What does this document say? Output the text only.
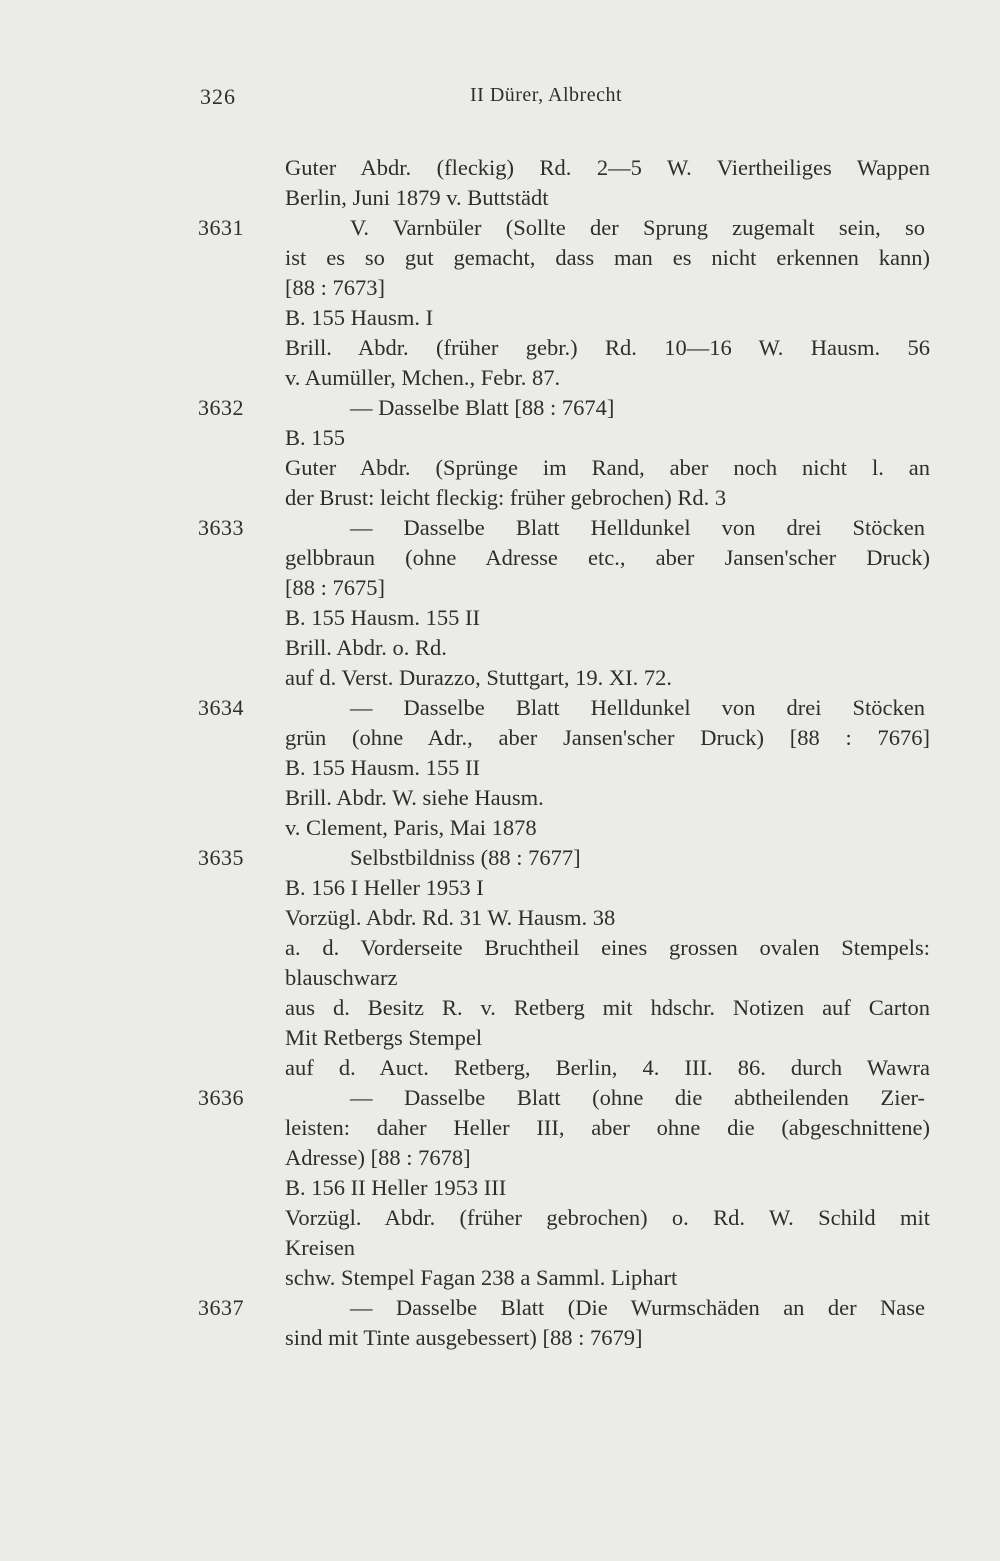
326	II Dürer, Albrecht
Guter Abdr. (fleckig) Rd. 2—5 W. Viertheiliges Wappen
Berlin, Juni 1879 v. Buttstädt
3631	V. Varnbüler (Sollte der Sprung zugemalt sein, so
ist es so gut gemacht, dass man es nicht erkennen kann)
[88 : 7673]
B. 155 Hausm. I
Brill. Abdr. (früher gebr.) Rd. 10—16 W. Hausm. 56
v. Aumüller, Mchen., Febr. 87.
3632	— Dasselbe Blatt [88 : 7674]
B. 155
Guter Abdr. (Sprünge im Rand, aber noch nicht l. an
der Brust: leicht fleckig: früher gebrochen) Rd. 3
3633	— Dasselbe Blatt Helldunkel von drei Stöcken
gelbbraun (ohne Adresse etc., aber Jansen'scher Druck)
[88 : 7675]
B. 155 Hausm. 155 II
Brill. Abdr. o. Rd.
auf d. Verst. Durazzo, Stuttgart, 19. XI. 72.
3634	— Dasselbe Blatt Helldunkel von drei Stöcken
grün (ohne Adr., aber Jansen'scher Druck) [88 : 7676]
B. 155 Hausm. 155 II
Brill. Abdr. W. siehe Hausm.
v. Clement, Paris, Mai 1878
3635	Selbstbildniss (88 : 7677]
B. 156 I Heller 1953 I
Vorzügl. Abdr. Rd. 31 W. Hausm. 38
a. d. Vorderseite Bruchtheil eines grossen ovalen Stempels:
blauschwarz
aus d. Besitz R. v. Retberg mit hdschr. Notizen auf Carton
Mit Retbergs Stempel
auf d. Auct. Retberg, Berlin, 4. III. 86. durch Wawra
3636	— Dasselbe Blatt (ohne die abtheilenden Zier-
leisten: daher Heller III, aber ohne die (abgeschnittene)
Adresse) [88 : 7678]
B. 156 II Heller 1953 III
Vorzügl. Abdr. (früher gebrochen) o. Rd. W. Schild mit
Kreisen
schw. Stempel Fagan 238 a Samml. Liphart
3637	— Dasselbe Blatt (Die Wurmschäden an der Nase
sind mit Tinte ausgebessert) [88 : 7679]
